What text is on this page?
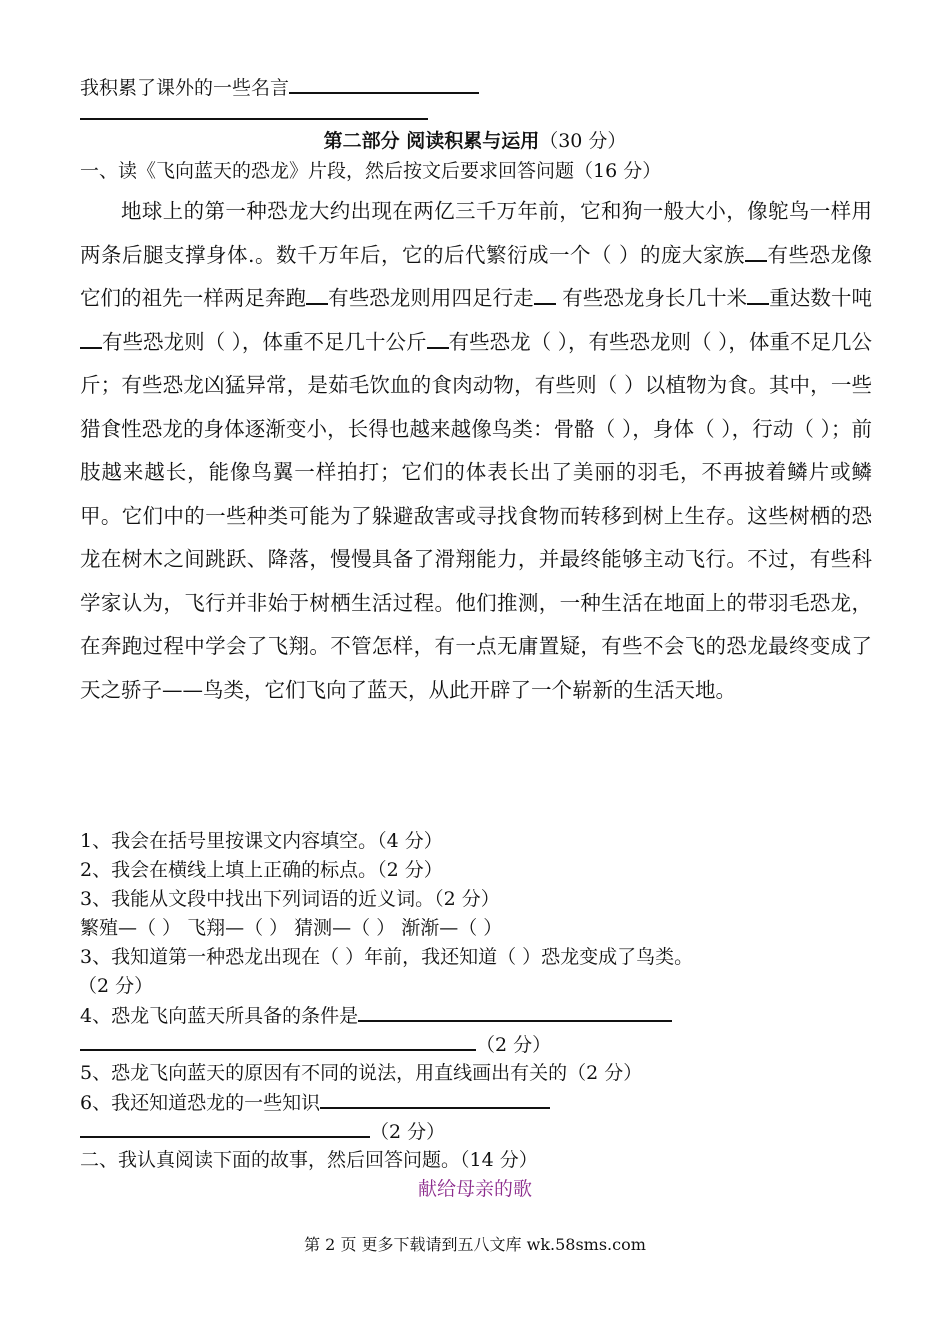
我积累了课外的一些名言
第二部分 阅读积累与运用（30 分）
一、读《飞向蓝天的恐龙》片段，然后按文后要求回答问题（16 分）

地球上的第一种恐龙大约出现在两亿三千万年前，它和狗一般大小，像鸵鸟一样用两条后腿支撑身体.。数千万年后，它的后代繁衍成一个（ ）的庞大家族 有些恐龙像它们的祖先一样两足奔跑 有些恐龙则用四足行走 有些恐龙身长几十米 重达数十吨有些恐龙则（ ），体重不足几十公斤 有些恐龙（ ），有些恐龙则（ ），体重不足几公斤；有些恐龙凶猛异常，是茹毛饮血的食肉动物，有些则（ ）以植物为食。其中，一些猎食性恐龙的身体逐渐变小，长得也越来越像鸟类：骨骼（ ），身体（ ），行动（ ）；前肢越来越长，能像鸟翼一样拍打；它们的体表长出了美丽的羽毛，不再披着鳞片或鳞甲。它们中的一些种类可能为了躲避敌害或寻找食物而转移到树上生存。这些树栖的恐龙在树木之间跳跃、降落，慢慢具备了滑翔能力，并最终能够主动飞行。不过，有些科学家认为，飞行并非始于树栖生活过程。他们推测，一种生活在地面上的带羽毛恐龙，在奔跑过程中学会了飞翔。不管怎样，有一点无庸置疑，有些不会飞的恐龙最终变成了天之骄子——鸟类，它们飞向了蓝天，从此开辟了一个崭新的生活天地。

1、我会在括号里按课文内容填空。（4 分）
2、我会在横线上填上正确的标点。（2 分）
3、我能从文段中找出下列词语的近义词。（2 分）
繁殖—（ ） 飞翔—（ ） 猜测—（ ） 渐渐—（ ）
3、我知道第一种恐龙出现在（ ）年前，我还知道（ ）恐龙变成了鸟类。
（2 分）
4、恐龙飞向蓝天所具备的条件是
（2 分）
5、恐龙飞向蓝天的原因有不同的说法，用直线画出有关的（2 分）
6、我还知道恐龙的一些知识
（2 分）
二、我认真阅读下面的故事，然后回答问题。（14 分）
献给母亲的歌
第 2 页 更多下载请到五八文库 wk.58sms.com
